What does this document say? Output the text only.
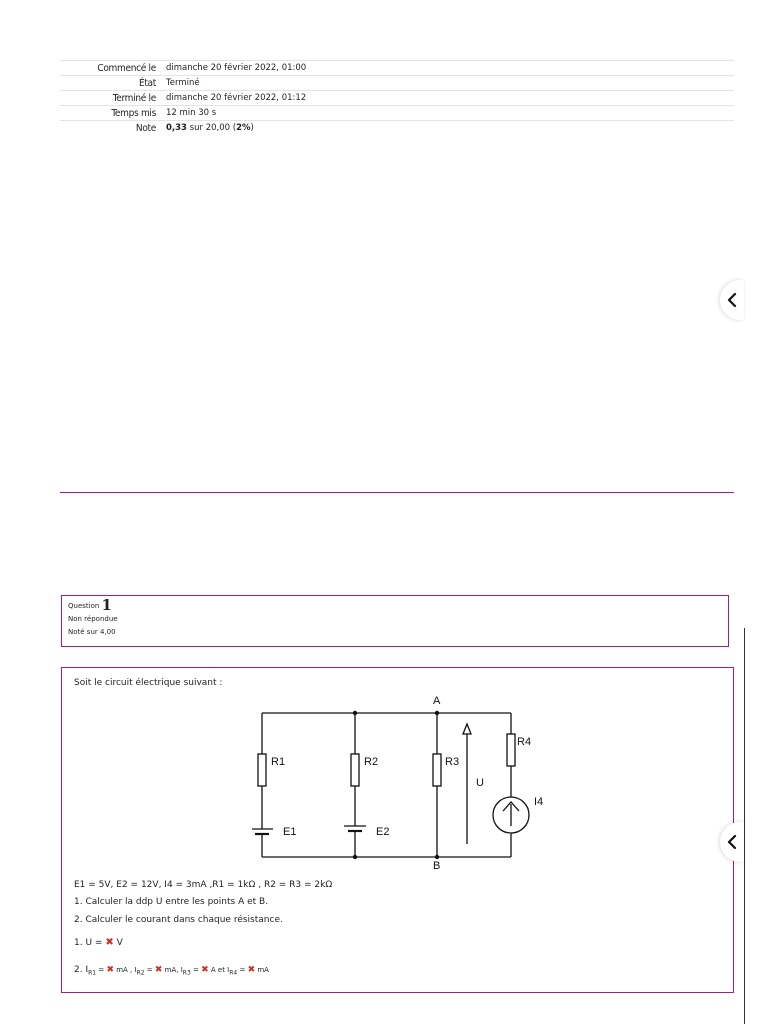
Commencé le	dimanche 20 février 2022, 01:00
État	Terminé
Terminé le	dimanche 20 février 2022, 01:12
Temps mis	12 min 30 s
Note	0,33 sur 20,00 (2%)
Question 1
Non répondue
Noté sur 4,00
Soit le circuit électrique suivant :
A
B
R1	R2	R3
R4
E1	E2
U
I4
E1 = 5V, E2 = 12V, I4 = 3mA ,R1 = 1kΩ , R2 = R3 = 2kΩ
1. Calculer la ddp U entre les points A et B.
2. Calculer le courant dans chaque résistance.
1. U = ✖ V
2. $I_{R1}$ = ✖ mA , $I_{R2}$ = ✖ mA, $I_{R3}$ = ✖ A et $I_{R4}$ = ✖ mA
